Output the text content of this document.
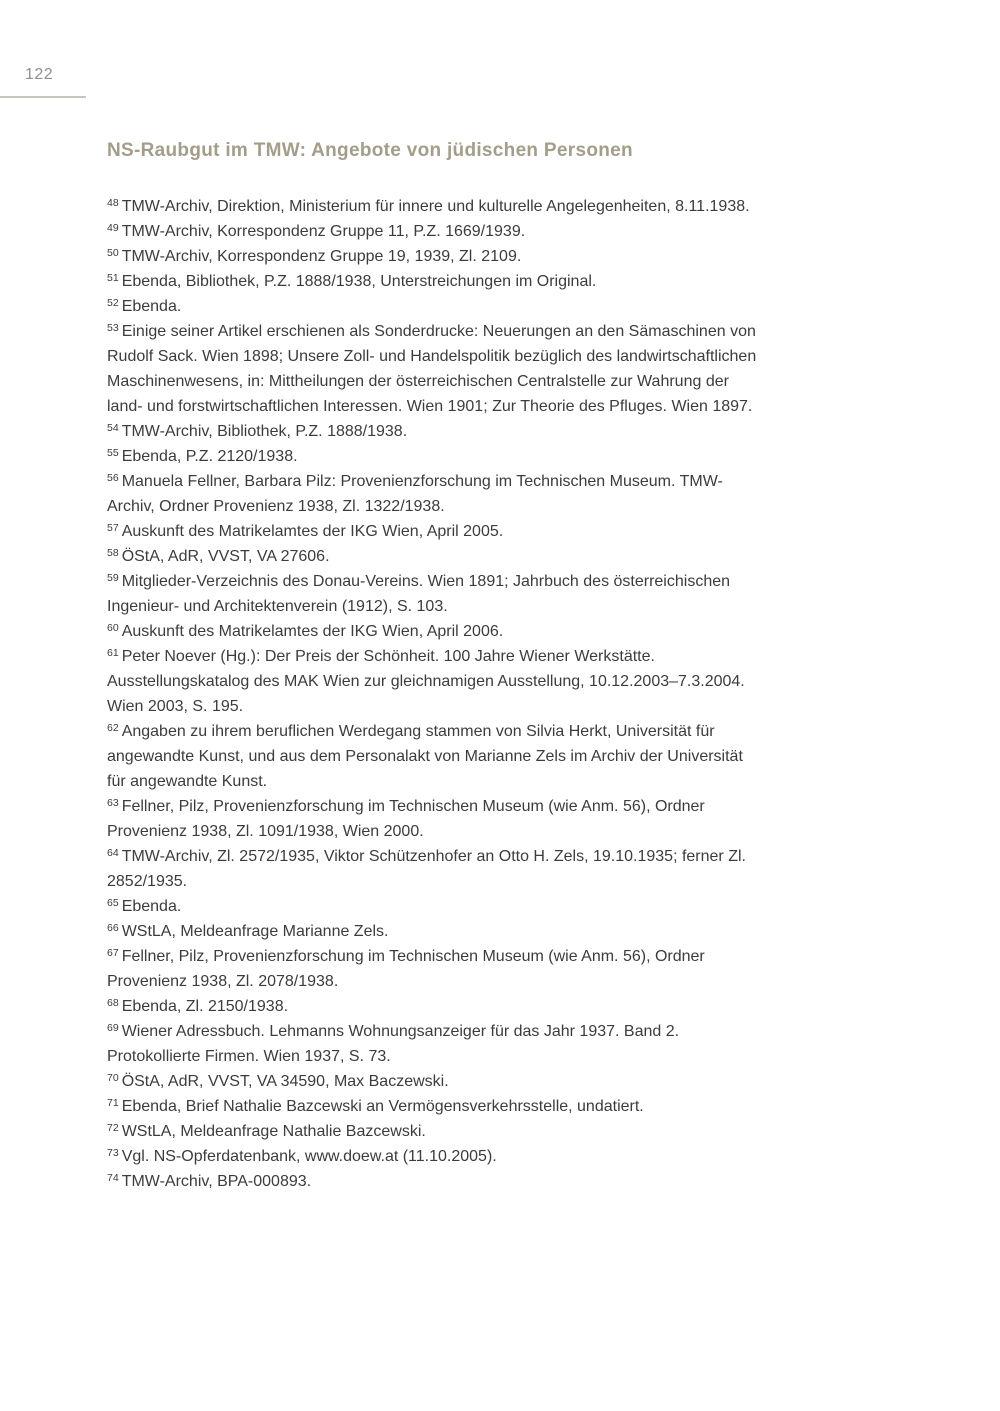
122
NS-Raubgut im TMW: Angebote von jüdischen Personen

$^{48}$ TMW-Archiv, Direktion, Ministerium für innere und kulturelle Angelegenheiten, 8.11.1938.

$^{49}$ TMW-Archiv, Korrespondenz Gruppe 11, P.Z. 1669/1939.

$^{50}$ TMW-Archiv, Korrespondenz Gruppe 19, 1939, Zl. 2109.

$^{51}$ Ebenda, Bibliothek, P.Z. 1888/1938, Unterstreichungen im Original.

$^{52}$ Ebenda.

$^{53}$ Einige seiner Artikel erschienen als Sonderdrucke: Neuerungen an den Sämaschinen von Rudolf Sack. Wien 1898; Unsere Zoll- und Handelspolitik bezüglich des landwirtschaftlichen Maschinenwesens, in: Mittheilungen der österreichischen Centralstelle zur Wahrung der land- und forstwirtschaftlichen Interessen. Wien 1901; Zur Theorie des Pfluges. Wien 1897.

$^{54}$ TMW-Archiv, Bibliothek, P.Z. 1888/1938.

$^{55}$ Ebenda, P.Z. 2120/1938.

$^{56}$ Manuela Fellner, Barbara Pilz: Provenienzforschung im Technischen Museum. TMW-Archiv, Ordner Provenienz 1938, Zl. 1322/1938.

$^{57}$ Auskunft des Matrikelamtes der IKG Wien, April 2005.

$^{58}$ ÖStA, AdR, VVST, VA 27606.

$^{59}$ Mitglieder-Verzeichnis des Donau-Vereins. Wien 1891; Jahrbuch des österreichischen Ingenieur- und Architektenverein (1912), S. 103.

$^{60}$ Auskunft des Matrikelamtes der IKG Wien, April 2006.

$^{61}$ Peter Noever (Hg.): Der Preis der Schönheit. 100 Jahre Wiener Werkstätte. Ausstellungskatalog des MAK Wien zur gleichnamigen Ausstellung, 10.12.2003–7.3.2004. Wien 2003, S. 195.

$^{62}$ Angaben zu ihrem beruflichen Werdegang stammen von Silvia Herkt, Universität für angewandte Kunst, und aus dem Personalakt von Marianne Zels im Archiv der Universität für angewandte Kunst.

$^{63}$ Fellner, Pilz, Provenienzforschung im Technischen Museum (wie Anm. 56), Ordner Provenienz 1938, Zl. 1091/1938, Wien 2000.

$^{64}$ TMW-Archiv, Zl. 2572/1935, Viktor Schützenhofer an Otto H. Zels, 19.10.1935; ferner Zl. 2852/1935.

$^{65}$ Ebenda.

$^{66}$ WStLA, Meldeanfrage Marianne Zels.

$^{67}$ Fellner, Pilz, Provenienzforschung im Technischen Museum (wie Anm. 56), Ordner Provenienz 1938, Zl. 2078/1938.

$^{68}$ Ebenda, Zl. 2150/1938.

$^{69}$ Wiener Adressbuch. Lehmanns Wohnungsanzeiger für das Jahr 1937. Band 2. Protokollierte Firmen. Wien 1937, S. 73.

$^{70}$ ÖStA, AdR, VVST, VA 34590, Max Baczewski.

$^{71}$ Ebenda, Brief Nathalie Bazcewski an Vermögensverkehrsstelle, undatiert.

$^{72}$ WStLA, Meldeanfrage Nathalie Bazcewski.

$^{73}$ Vgl. NS-Opferdatenbank, www.doew.at (11.10.2005).

$^{74}$ TMW-Archiv, BPA-000893.
